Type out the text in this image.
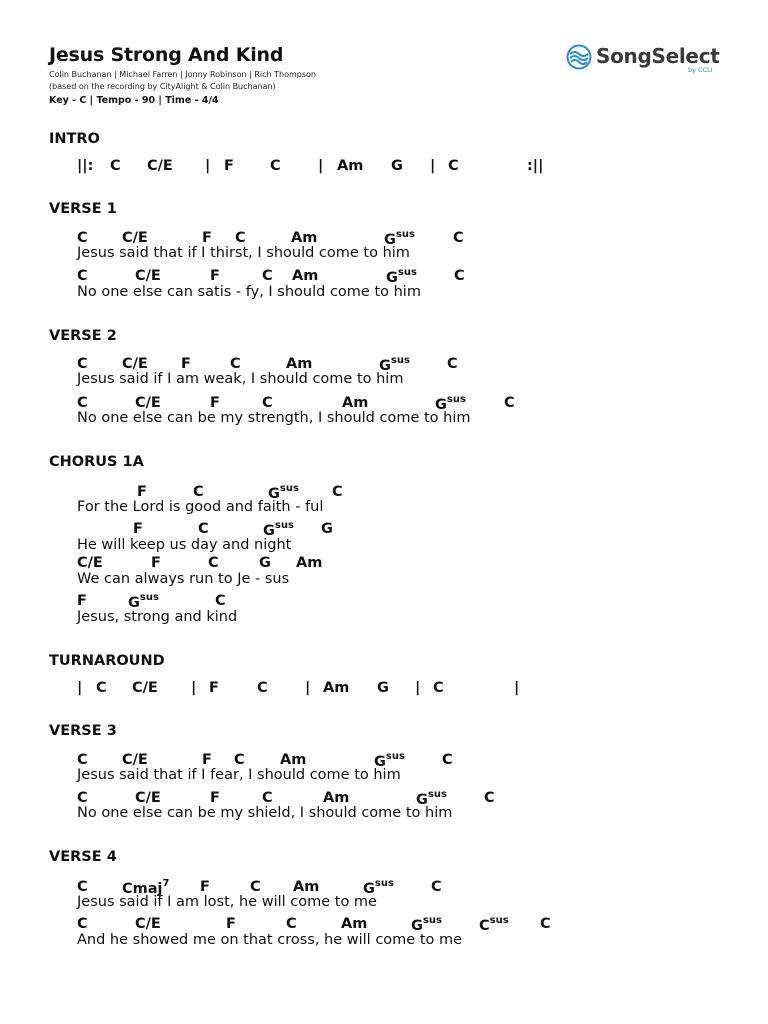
Jesus Strong And Kind
Colin Buchanan | Michael Farren | Jonny Robinson | Rich Thompson
(based on the recording by CityAlight & Colin Buchanan)
Key - C | Tempo - 90 | Time - 4/4
SongSelect
by CCLI
INTRO
||: C C/E | F C	| Am G | C	:||
VERSE 1
C C/E	F C	Am	$G^{sus}$	C
Jesus said that if I thirst, I should come to him
C	C/E	F	C Am	$G^{sus}$	C
No one else can satis - fy, I should come to him
VERSE 2
C C/E F	C	Am	$G^{sus}$	C
Jesus said if I am weak, I should come to him
C	C/E	F	C	Am	$G^{sus}$	C
No one else can be my strength, I should come to him
CHORUS 1A
F	C	$G^{sus}$ C
For the Lord is good and faith - ful
F	C	$G^{sus}$ G
He will keep us day and night
C/E	F	C	G Am
We can always run to Je - sus
F	$G^{sus}$	C
Jesus, strong and kind
TURNAROUND
| C C/E | F	C	| Am G | C	|
VERSE 3
C C/E	F C Am	$G^{sus}$	C
Jesus said that if I fear, I should come to him
C	C/E	F	C	Am	$G^{sus}$	C
No one else can be my shield, I should come to him
VERSE 4
C Cmaj$^7$ F	C Am	$G^{sus}$	C
Jesus said if I am lost, he will come to me
C	C/E	F	C	Am	$G^{sus}$	$C^{sus}$ C
And he showed me on that cross, he will come to me
